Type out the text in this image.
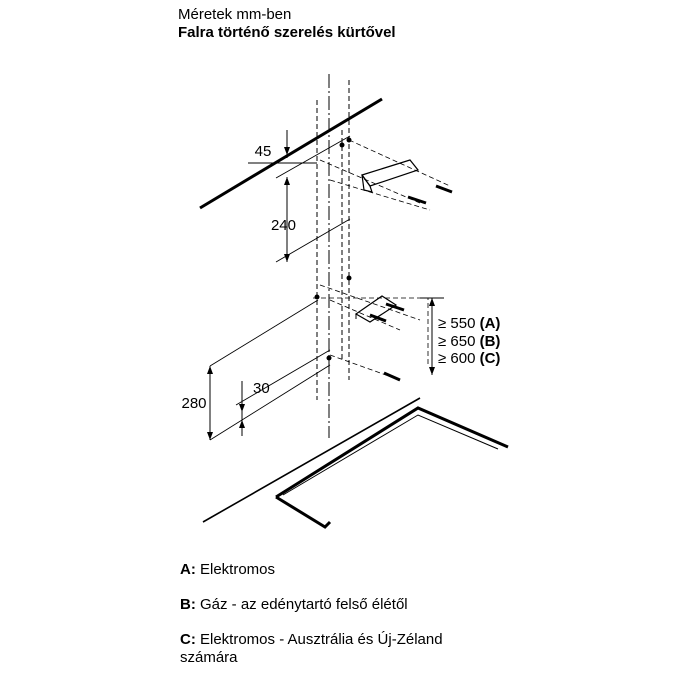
Méretek mm-ben
Falra történő szerelés kürtővel
280
30
45
240
≥ 550 (A)
≥ 650 (B)
≥ 600 (C)
A: Elektromos
B: Gáz - az edénytartó felső élétől
C: Elektromos - Ausztrália és Új-Zéland
számára
